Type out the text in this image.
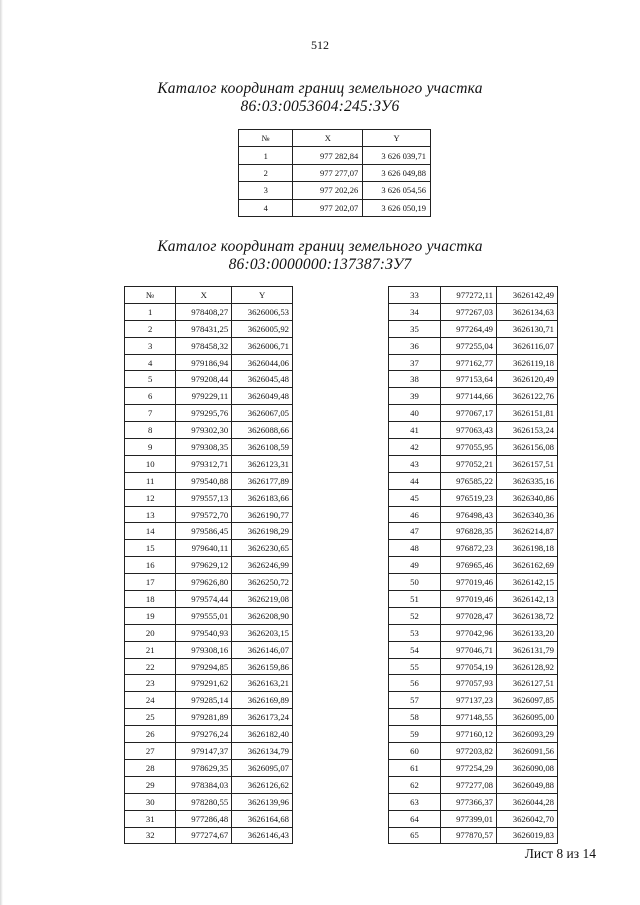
512
Каталог координат границ земельного участка
86:03:0053604:245:ЗУ6
№	X	Y
1	977 282,84	3 626 039,71
2	977 277,07	3 626 049,88
3	977 202,26	3 626 054,56
4	977 202,07	3 626 050,19
Каталог координат границ земельного участка
86:03:0000000:137387:ЗУ7
№	X	Y
1	978408,27	3626006,53
2	978431,25	3626005,92
3	978458,32	3626006,71
4	979186,94	3626044,06
5	979208,44	3626045,48
6	979229,11	3626049,48
7	979295,76	3626067,05
8	979302,30	3626088,66
9	979308,35	3626108,59
10	979312,71	3626123,31
11	979540,88	3626177,89
12	979557,13	3626183,66
13	979572,70	3626190,77
14	979586,45	3626198,29
15	979640,11	3626230,65
16	979629,12	3626246,99
17	979626,80	3626250,72
18	979574,44	3626219,08
19	979555,01	3626208,90
20	979540,93	3626203,15
21	979308,16	3626146,07
22	979294,85	3626159,86
23	979291,62	3626163,21
24	979285,14	3626169,89
25	979281,89	3626173,24
26	979276,24	3626182,40
27	979147,37	3626134,79
28	978629,35	3626095,07
29	978384,03	3626126,62
30	978280,55	3626139,96
31	977286,48	3626164,68
32	977274,67	3626146,43
33	977272,11	3626142,49
34	977267,03	3626134,63
35	977264,49	3626130,71
36	977255,04	3626116,07
37	977162,77	3626119,18
38	977153,64	3626120,49
39	977144,66	3626122,76
40	977067,17	3626151,81
41	977063,43	3626153,24
42	977055,95	3626156,08
43	977052,21	3626157,51
44	976585,22	3626335,16
45	976519,23	3626340,86
46	976498,43	3626340,36
47	976828,35	3626214,87
48	976872,23	3626198,18
49	976965,46	3626162,69
50	977019,46	3626142,15
51	977019,46	3626142,13
52	977028,47	3626138,72
53	977042,96	3626133,20
54	977046,71	3626131,79
55	977054,19	3626128,92
56	977057,93	3626127,51
57	977137,23	3626097,85
58	977148,55	3626095,00
59	977160,12	3626093,29
60	977203,82	3626091,56
61	977254,29	3626090,08
62	977277,08	3626049,88
63	977366,37	3626044,28
64	977399,01	3626042,70
65	977870,57	3626019,83
Лист 8 из 14
